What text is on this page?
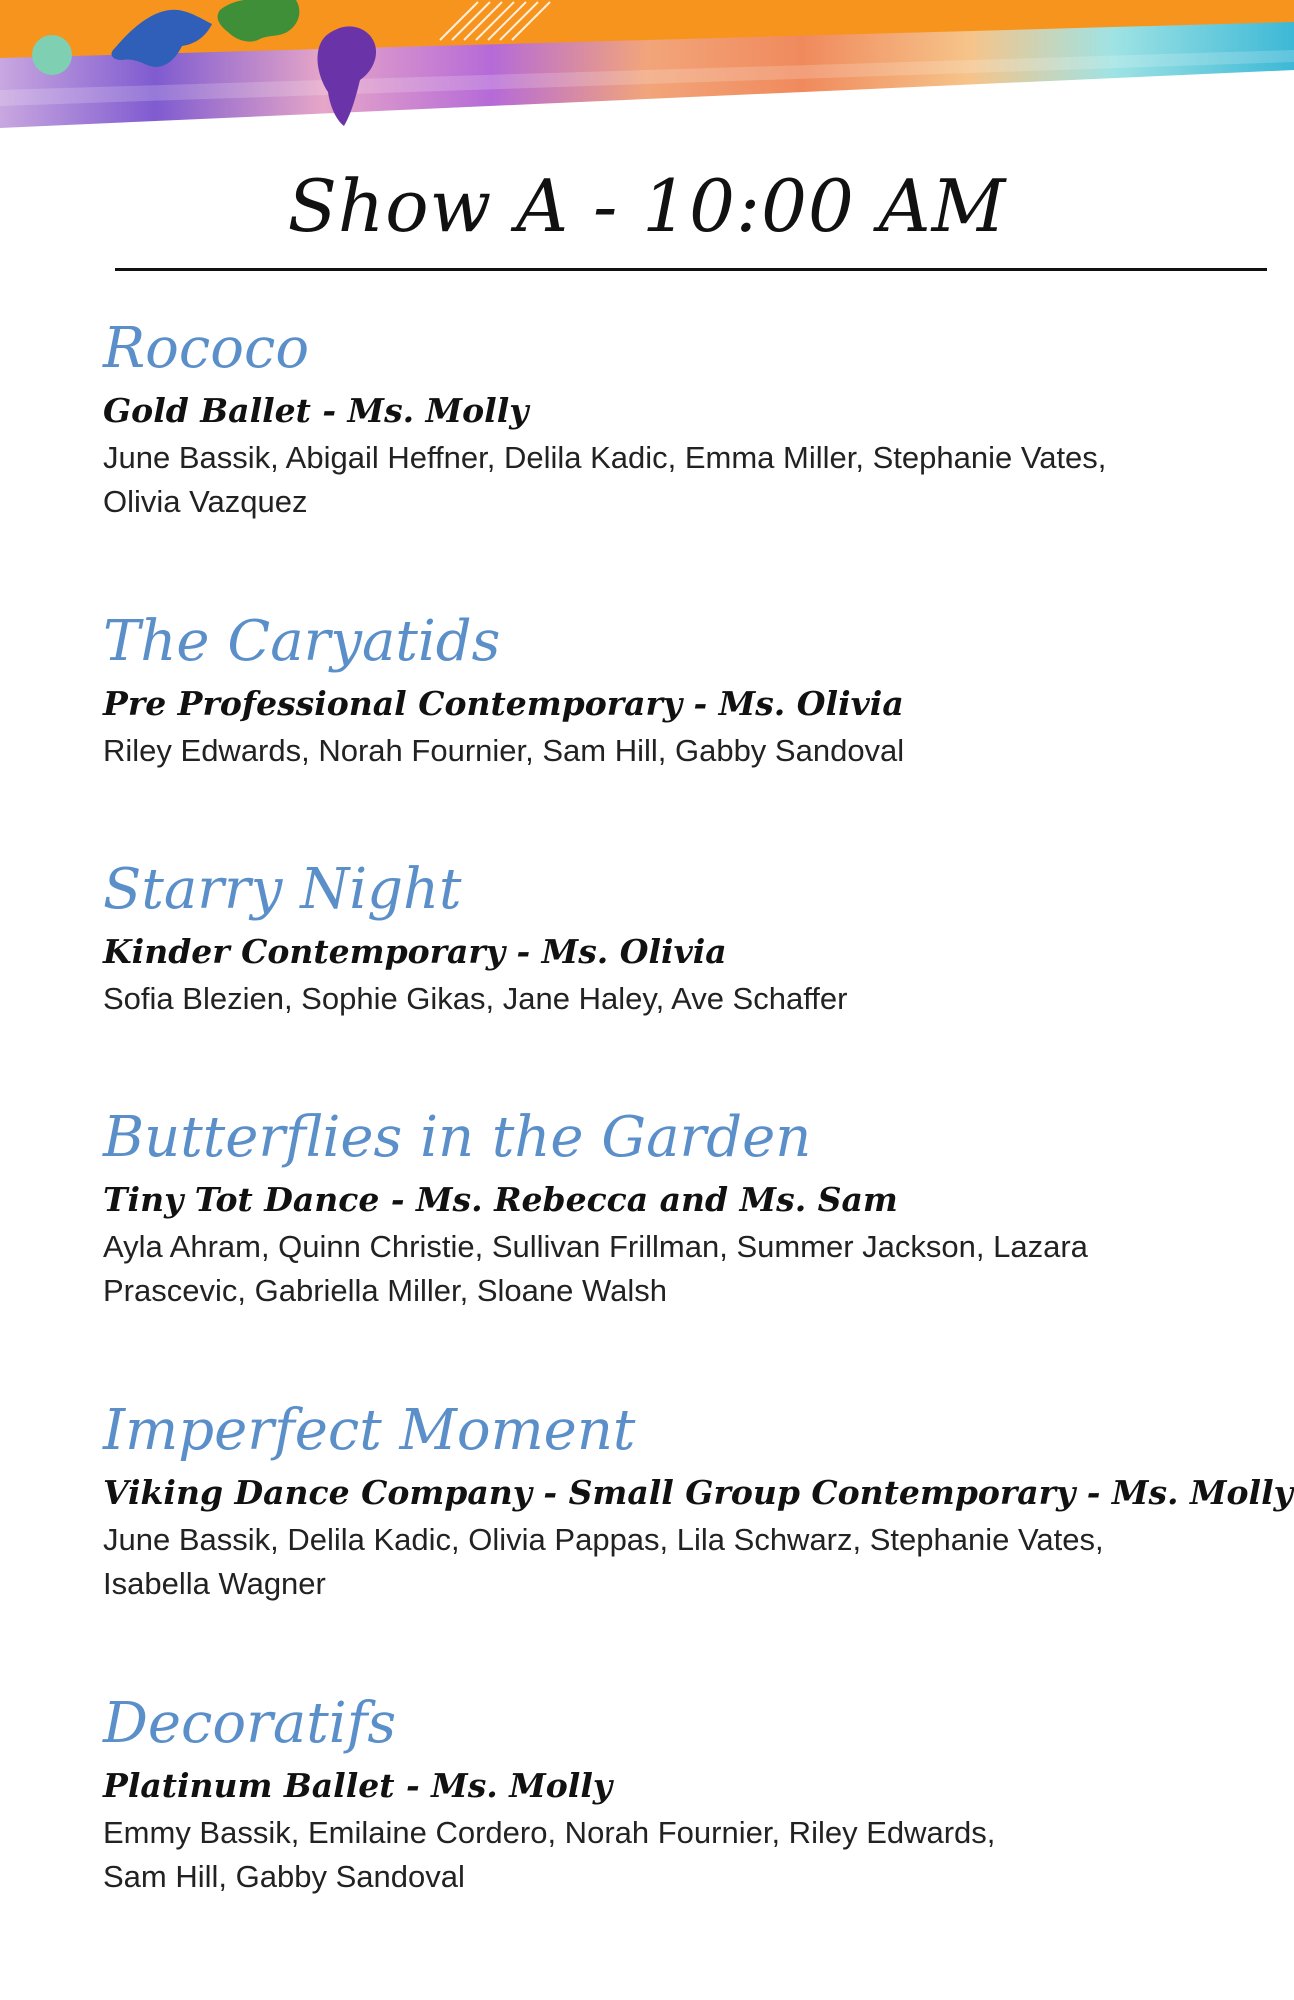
Show A - 10:00 AM
Rococo
Gold Ballet - Ms. Molly
June Bassik, Abigail Heffner, Delila Kadic, Emma Miller, Stephanie Vates,
Olivia Vazquez
The Caryatids
Pre Professional Contemporary - Ms. Olivia
Riley Edwards, Norah Fournier, Sam Hill, Gabby Sandoval
Starry Night
Kinder Contemporary - Ms. Olivia
Sofia Blezien, Sophie Gikas, Jane Haley, Ave Schaffer
Butterflies in the Garden
Tiny Tot Dance - Ms. Rebecca and Ms. Sam
Ayla Ahram, Quinn Christie, Sullivan Frillman, Summer Jackson, Lazara
Prascevic, Gabriella Miller, Sloane Walsh
Imperfect Moment
Viking Dance Company - Small Group Contemporary - Ms. Molly
June Bassik, Delila Kadic, Olivia Pappas, Lila Schwarz, Stephanie Vates,
Isabella Wagner
Decoratifs
Platinum Ballet - Ms. Molly
Emmy Bassik, Emilaine Cordero, Norah Fournier, Riley Edwards,
Sam Hill, Gabby Sandoval
